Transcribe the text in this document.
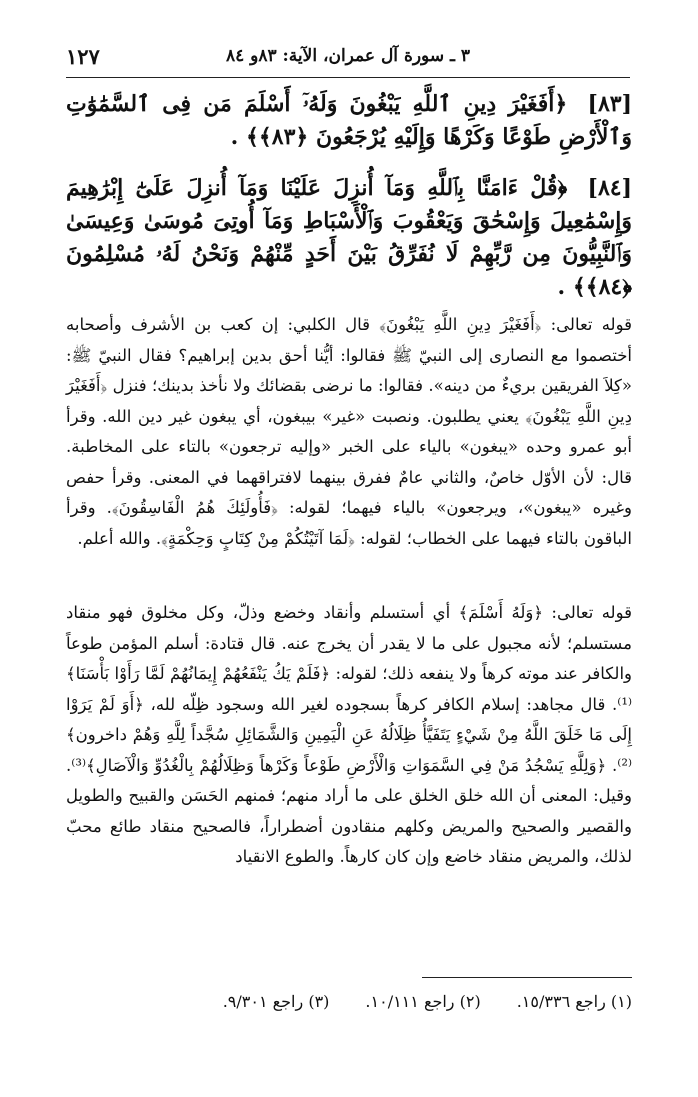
٣ ـ سورة آل عمران، الآية: ٨٣و ٨٤
١٢٧
[٨٣] ﴿أَفَغَيْرَ دِينِ ٱللَّهِ يَبْغُونَ وَلَهُۥٓ أَسْلَمَ مَن فِى ٱلسَّمَٰوَٰتِ وَٱلْأَرْضِ طَوْعًا وَكَرْهًا وَإِلَيْهِ يُرْجَعُونَ ﴿٨٣﴾﴾ .
[٨٤] ﴿قُلْ ءَامَنَّا بِٱللَّهِ وَمَآ أُنزِلَ عَلَيْنَا وَمَآ أُنزِلَ عَلَىٰٓ إِبْرَٰهِيمَ وَإِسْمَٰعِيلَ وَإِسْحَٰقَ وَيَعْقُوبَ وَٱلْأَسْبَاطِ وَمَآ أُوتِىَ مُوسَىٰ وَعِيسَىٰ وَٱلنَّبِيُّونَ مِن رَّبِّهِمْ لَا نُفَرِّقُ بَيْنَ أَحَدٍ مِّنْهُمْ وَنَحْنُ لَهُۥ مُسْلِمُونَ ﴿٨٤﴾﴾ .
قوله تعالى: ﴿أَفَغَيْرَ دِينِ اللَّهِ يَبْغُونَ﴾ قال الكلبي: إن كعب بن الأشرف وأصحابه أختصموا مع النصارى إلى النبيّ ﷺ فقالوا: أيُّنا أحق بدين إبراهيم؟ فقال النبيّ ﷺ: «كِلاَ الفريقين بريءٌ من دينه». فقالوا: ما نرضى بقضائك ولا نأخذ بدينك؛ فنزل ﴿أَفَغَيْرَ دِينِ اللَّهِ يَبْغُونَ﴾ يعني يطلبون. ونصبت «غير» بيبغون، أي يبغون غير دين الله. وقرأ أبو عمرو وحده «يبغون» بالياء على الخبر «وإليه ترجعون» بالتاء على المخاطبة. قال: لأن الأوّل خاصٌ، والثاني عامٌ ففرق بينهما لافتراقهما في المعنى. وقرأ حفص وغيره «يبغون»، ويرجعون» بالياء فيهما؛ لقوله: ﴿فَأُولَئِكَ هُمُ الْفَاسِقُونَ﴾. وقرأ الباقون بالتاء فيهما على الخطاب؛ لقوله: ﴿لَمَا آتَيْتُكُمْ مِنْ كِتَابٍ وَحِكْمَةٍ﴾. والله أعلم.
قوله تعالى: ﴿وَلَهُ أَسْلَمَ﴾ أي أستسلم وأنقاد وخضع وذلّ، وكل مخلوق فهو منقاد مستسلم؛ لأنه مجبول على ما لا يقدر أن يخرج عنه. قال قتادة: أسلم المؤمن طوعاً والكافر عند موته كرهاً ولا ينفعه ذلك؛ لقوله: ﴿فَلَمْ يَكُ يَنْفَعُهُمْ إِيمَانُهُمْ لَمَّا رَأَوْا بَأْسَنَا﴾⁽¹⁾. قال مجاهد: إسلام الكافر كرهاً بسجوده لغير الله وسجود ظِلّه لله، ﴿أَوَ لَمْ يَرَوْا إِلَى مَا خَلَقَ اللَّهُ مِنْ شَيْءٍ يَتَفَيَّأُ ظِلَالُهُ عَنِ الْيَمِينِ وَالشَّمَائِلِ سُجَّداً لِلَّهِ وَهُمْ داخرون﴾⁽²⁾. ﴿وَلِلَّهِ يَسْجُدُ مَنْ فِي السَّمَوَاتِ وَالْأَرْضِ طَوْعاً وَكَرْهاً وَظِلَالُهُمْ بِالْغُدُوِّ وَالْآصَالِ﴾⁽³⁾. وقيل: المعنى أن الله خلق الخلق على ما أراد منهم؛ فمنهم الحَسَن والقبيح والطويل والقصير والصحيح والمريض وكلهم منقادون أضطراراً، فالصحيح منقاد طائع محبّ لذلك، والمريض منقاد خاضع وإن كان كارهاً. والطوع الانقياد
(١) راجع ١٥/٣٣٦.
(٢) راجع ١٠/١١١.
(٣) راجع ٩/٣٠١.
